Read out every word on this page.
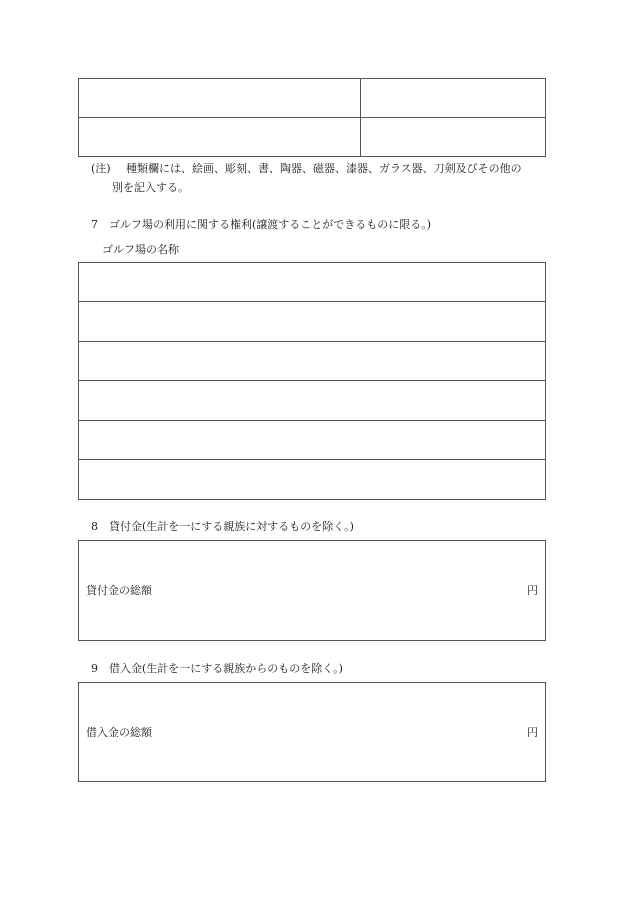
(注) 種類欄には、絵画、彫刻、書、陶器、磁器、漆器、ガラス器、刀剣及びその他の
別を記入する。
7　ゴルフ場の利用に関する権利(譲渡することができるものに限る。)
ゴルフ場の名称

8　貸付金(生計を一にする親族に対するものを除く。)
貸付金の総額	円
9　借入金(生計を一にする親族からのものを除く。)
借入金の総額	円
